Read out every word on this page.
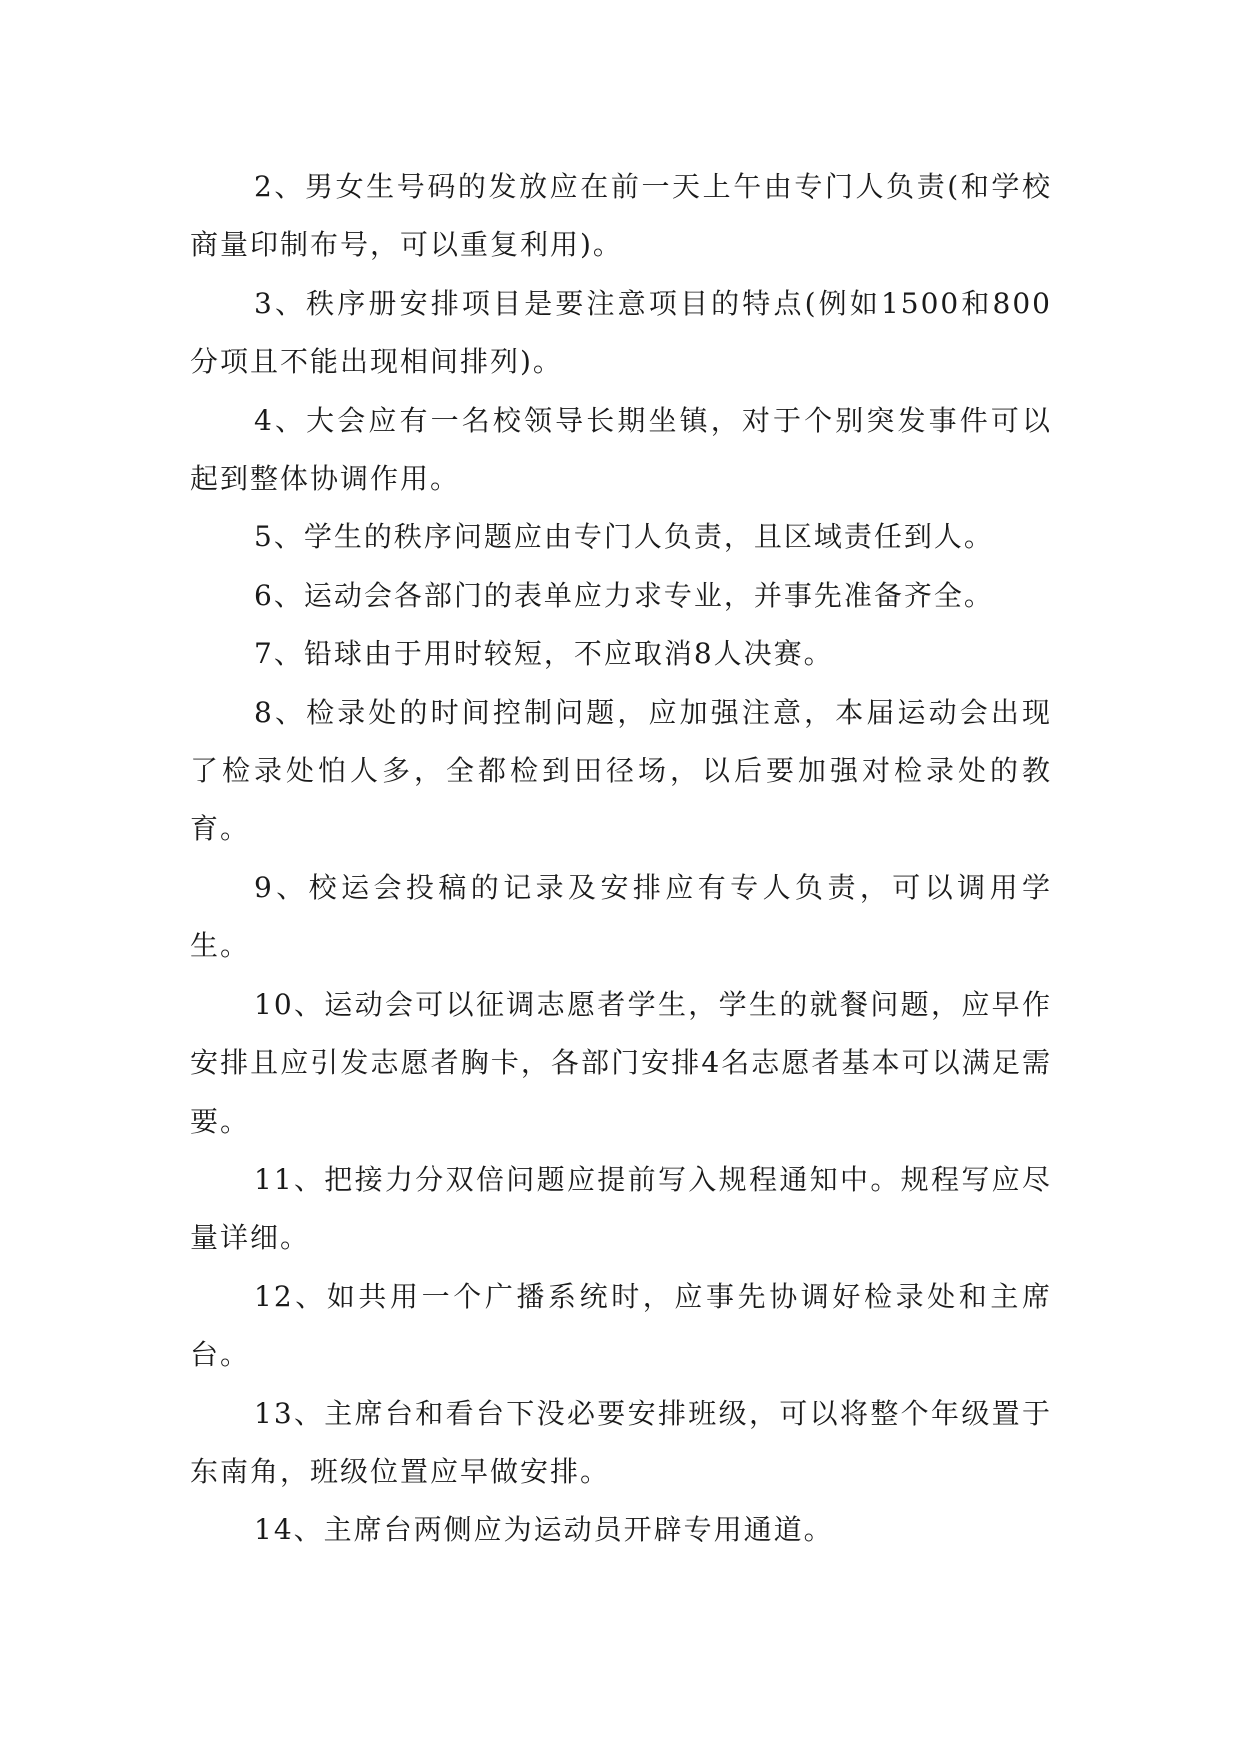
2、男女生号码的发放应在前一天上午由专门人负责(和学校商量印制布号，可以重复利用)。

3、秩序册安排项目是要注意项目的特点(例如1500和800分项且不能出现相间排列)。

4、大会应有一名校领导长期坐镇，对于个别突发事件可以起到整体协调作用。

5、学生的秩序问题应由专门人负责，且区域责任到人。

6、运动会各部门的表单应力求专业，并事先准备齐全。

7、铅球由于用时较短，不应取消8人决赛。

8、检录处的时间控制问题，应加强注意，本届运动会出现了检录处怕人多，全都检到田径场，以后要加强对检录处的教育。

9、校运会投稿的记录及安排应有专人负责，可以调用学生。

10、运动会可以征调志愿者学生，学生的就餐问题，应早作安排且应引发志愿者胸卡，各部门安排4名志愿者基本可以满足需要。

11、把接力分双倍问题应提前写入规程通知中。规程写应尽量详细。

12、如共用一个广播系统时，应事先协调好检录处和主席台。

13、主席台和看台下没必要安排班级，可以将整个年级置于东南角，班级位置应早做安排。

14、主席台两侧应为运动员开辟专用通道。
